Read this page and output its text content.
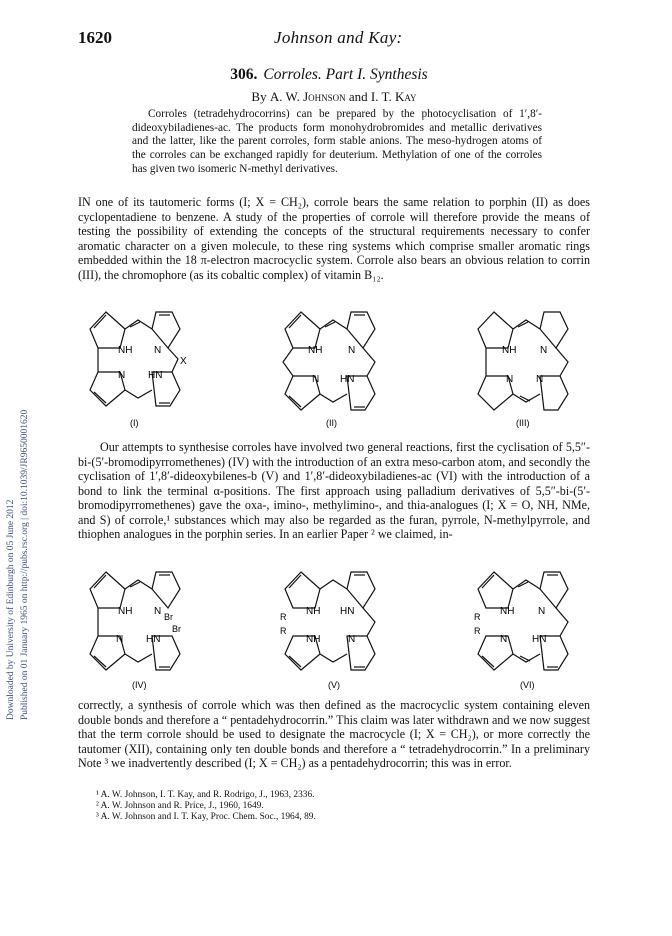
Downloaded by University of Edinburgh on 05 June 2012 Published on 01 January 1965 on http://pubs.rsc.org | doi:10.1039/JR9650001620
1620	Johnson and Kay:
306. Corroles. Part I. Synthesis
By A. W. Johnson and I. T. Kay

Corroles (tetradehydrocorrins) can be prepared by the photocyclisation of 1′,8′-dideoxybiladienes-ac. The products form monohydrobromides and metallic derivatives and the latter, like the parent corroles, form stable anions. The meso-hydrogen atoms of the corroles can be exchanged rapidly for deuterium. Methylation of one of the corroles has given two isomeric N-methyl derivatives.

IN one of its tautomeric forms (I; X = CH₂), corrole bears the same relation to porphin (II) as does cyclopentadiene to benzene. A study of the properties of corrole will therefore provide the means of testing the possibility of extending the concepts of the structural requirements necessary to confer aromatic character on a given molecule, to these ring systems which comprise smaller aromatic rings embedded within the 18 π-electron macrocyclic system. Corrole also bears an obvious relation to corrin (III), the chromophore (as its cobaltic complex) of vitamin B₁₂.

NH N
X
N HN
(I)
NH	N
N HN
(II)
NH N
N N
(III)

Our attempts to synthesise corroles have involved two general reactions, first the cyclisation of 5,5″-bi-(5′-bromodipyrromethenes) (IV) with the introduction of an extra meso-carbon atom, and secondly the cyclisation of 1′,8′-dideoxybilenes-b (V) and 1′,8′-dideoxybiladienes-ac (VI) with the introduction of a bond to link the terminal α-positions. The first approach using palladium derivatives of 5,5″-bi-(5′-bromodipyrromethenes) gave the oxa-, imino-, methylimino-, and thia-analogues (I; X = O, NH, NMe, and S) of corrole,¹ substances which may also be regarded as the furan, pyrrole, N-methylpyrrole, and thiophen analogues in the porphin series. In an earlier Paper ² we claimed, in-

NH N Br
Br
N HN
(IV)
R NH HN
R
NH	N
(V)
R NH N
R
N HN
(VI)

correctly, a synthesis of corrole which was then defined as the macrocyclic system containing eleven double bonds and therefore a “ pentadehydrocorrin.” This claim was later withdrawn and we now suggest that the term corrole should be used to designate the macrocycle (I; X = CH₂), or more correctly the tautomer (XII), containing only ten double bonds and therefore a “ tetradehydrocorrin.” In a preliminary Note ³ we inadvertently described (I; X = CH₂) as a pentadehydrocorrin; this was in error.

¹ A. W. Johnson, I. T. Kay, and R. Rodrigo, J., 1963, 2336.
² A. W. Johnson and R. Price, J., 1960, 1649.
³ A. W. Johnson and I. T. Kay, Proc. Chem. Soc., 1964, 89.
